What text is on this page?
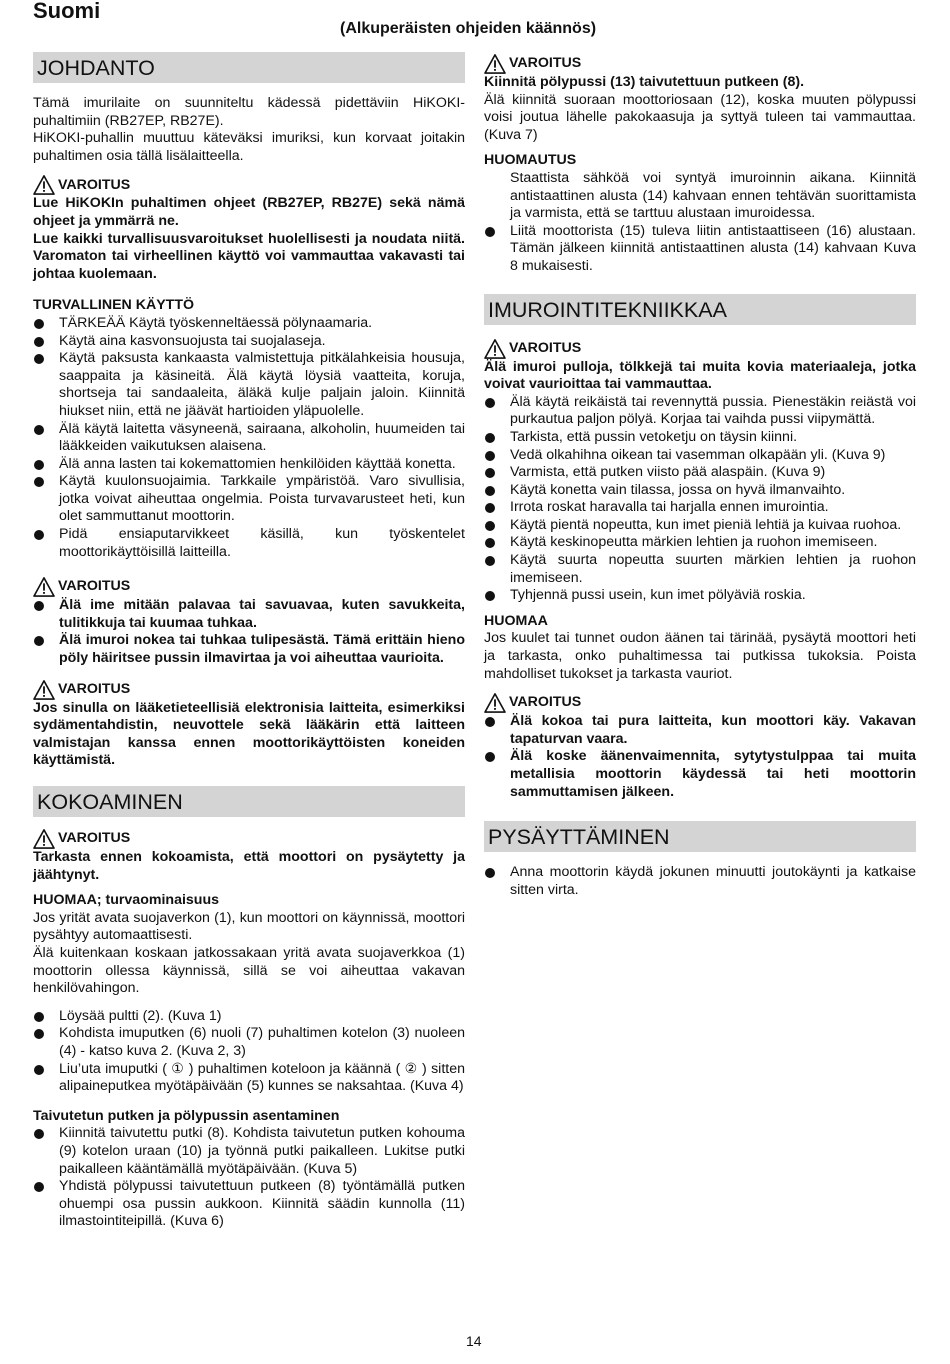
Suomi
(Alkuperäisten ohjeiden käännös)
JOHDANTO
Tämä imurilaite on suunniteltu kädessä pidettäviin HiKOKI-puhaltimiin (RB27EP, RB27E).
HiKOKI-puhallin muuttuu käteväksi imuriksi, kun korvaat joitakin puhaltimen osia tällä lisälaitteella.
VAROITUS
Lue HiKOKIn puhaltimen ohjeet (RB27EP, RB27E) sekä nämä ohjeet ja ymmärrä ne.
Lue kaikki turvallisuusvaroitukset huolellisesti ja noudata niitä. Varomaton tai virheellinen käyttö voi vammauttaa vakavasti tai johtaa kuolemaan.
TURVALLINEN KÄYTTÖ
TÄRKEÄÄ Käytä työskenneltäessä pölynaamaria.
Käytä aina kasvonsuojusta tai suojalaseja.
Käytä paksusta kankaasta valmistettuja pitkälahkeisia housuja, saappaita ja käsineitä. Älä käytä löysiä vaatteita, koruja, shortseja tai sandaaleita, äläkä kulje paljain jaloin. Kiinnitä hiukset niin, että ne jäävät hartioiden yläpuolelle.
Älä käytä laitetta väsyneenä, sairaana, alkoholin, huumeiden tai lääkkeiden vaikutuksen alaisena.
Älä anna lasten tai kokemattomien henkilöiden käyttää konetta.
Käytä kuulonsuojaimia. Tarkkaile ympäristöä. Varo sivullisia, jotka voivat aiheuttaa ongelmia. Poista turvavarusteet heti, kun olet sammuttanut moottorin.
Pidä ensiaputarvikkeet käsillä, kun työskentelet moottorikäyttöisillä laitteilla.
VAROITUS
Älä ime mitään palavaa tai savuavaa, kuten savukkeita, tulitikkuja tai kuumaa tuhkaa.
Älä imuroi nokea tai tuhkaa tulipesästä. Tämä erittäin hieno pöly häiritsee pussin ilmavirtaa ja voi aiheuttaa vaurioita.
VAROITUS
Jos sinulla on lääketieteellisiä elektronisia laitteita, esimerkiksi sydämentahdistin, neuvottele sekä lääkärin että laitteen valmistajan kanssa ennen moottorikäyttöisten koneiden käyttämistä.
KOKOAMINEN
VAROITUS
Tarkasta ennen kokoamista, että moottori on pysäytetty ja jäähtynyt.
HUOMAA; turvaominaisuus
Jos yrität avata suojaverkon (1), kun moottori on käynnissä, moottori pysähtyy automaattisesti.
Älä kuitenkaan koskaan jatkossakaan yritä avata suojaverkkoa (1) moottorin ollessa käynnissä, sillä se voi aiheuttaa vakavan henkilövahingon.
Löysää pultti (2). (Kuva 1)
Kohdista imuputken (6) nuoli (7) puhaltimen kotelon (3) nuoleen (4) - katso kuva 2. (Kuva 2, 3)
Liu’uta imuputki ( ① ) puhaltimen koteloon ja käännä ( ② ) sitten alipaineputkea myötäpäivään (5) kunnes se naksahtaa. (Kuva 4)
Taivutetun putken ja pölypussin asentaminen
Kiinnitä taivutettu putki (8). Kohdista taivutetun putken kohouma (9) kotelon uraan (10) ja työnnä putki paikalleen. Lukitse putki paikalleen kääntämällä myötäpäivään. (Kuva 5)
Yhdistä pölypussi taivutettuun putkeen (8) työntämällä putken ohuempi osa pussin aukkoon. Kiinnitä säädin kunnolla (11) ilmastointiteipillä. (Kuva 6)
VAROITUS
Kiinnitä pölypussi (13) taivutettuun putkeen (8).
Älä kiinnitä suoraan moottoriosaan (12), koska muuten pölypussi voisi joutua lähelle pakokaasuja ja syttyä tuleen tai vammauttaa. (Kuva 7)
HUOMAUTUS
Staattista sähköä voi syntyä imuroinnin aikana. Kiinnitä antistaattinen alusta (14) kahvaan ennen tehtävän suorittamista ja varmista, että se tarttuu alustaan imuroidessa.
Liitä moottorista (15) tuleva liitin antistaattiseen (16) alustaan. Tämän jälkeen kiinnitä antistaattinen alusta (14) kahvaan Kuva 8 mukaisesti.
IMUROINTITEKNIIKKAA
VAROITUS
Älä imuroi pulloja, tölkkejä tai muita kovia materiaaleja, jotka voivat vaurioittaa tai vammauttaa.
Älä käytä reikäistä tai revennyttä pussia. Pienestäkin reiästä voi purkautua paljon pölyä. Korjaa tai vaihda pussi viipymättä.
Tarkista, että pussin vetoketju on täysin kiinni.
Vedä olkahihna oikean tai vasemman olkapään yli. (Kuva 9)
Varmista, että putken viisto pää alaspäin. (Kuva 9)
Käytä konetta vain tilassa, jossa on hyvä ilmanvaihto.
Irrota roskat haravalla tai harjalla ennen imurointia.
Käytä pientä nopeutta, kun imet pieniä lehtiä ja kuivaa ruohoa.
Käytä keskinopeutta märkien lehtien ja ruohon imemiseen.
Käytä suurta nopeutta suurten märkien lehtien ja ruohon imemiseen.
Tyhjennä pussi usein, kun imet pölyäviä roskia.
HUOMAA
Jos kuulet tai tunnet oudon äänen tai tärinää, pysäytä moottori heti ja tarkasta, onko puhaltimessa tai putkissa tukoksia. Poista mahdolliset tukokset ja tarkasta vauriot.
VAROITUS
Älä kokoa tai pura laitteita, kun moottori käy. Vakavan tapaturvan vaara.
Älä koske äänenvaimennita, sytytystulppaa tai muita metallisia moottorin käydessä tai heti moottorin sammuttamisen jälkeen.
PYSÄYTTÄMINEN
Anna moottorin käydä jokunen minuutti joutokäynti ja katkaise sitten virta.
14
